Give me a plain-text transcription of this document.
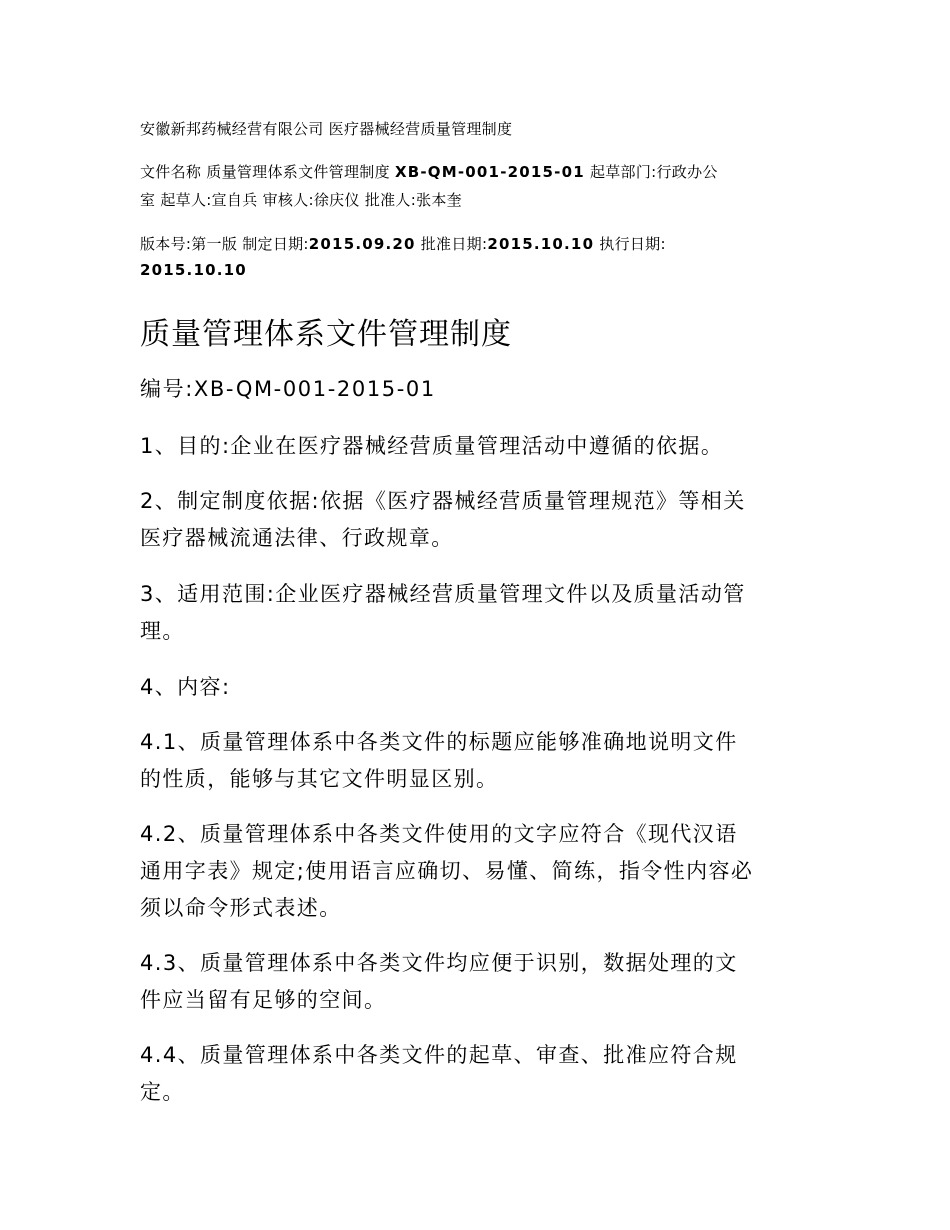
安徽新邦药械经营有限公司 医疗器械经营质量管理制度
文件名称 质量管理体系文件管理制度 XB-QM-001-2015-01 起草部门:行政办公
室 起草人:宣自兵 审核人:徐庆仪 批准人:张本奎
版本号:第一版 制定日期:2015.09.20 批准日期:2015.10.10 执行日期:
2015.10.10
质量管理体系文件管理制度
编号:XB-QM-001-2015-01
1、目的:企业在医疗器械经营质量管理活动中遵循的依据。
2、制定制度依据:依据《医疗器械经营质量管理规范》等相关
医疗器械流通法律、行政规章。
3、适用范围:企业医疗器械经营质量管理文件以及质量活动管
理。
4、内容:
4.1、质量管理体系中各类文件的标题应能够准确地说明文件
的性质，能够与其它文件明显区别。
4.2、质量管理体系中各类文件使用的文字应符合《现代汉语
通用字表》规定;使用语言应确切、易懂、简练，指令性内容必
须以命令形式表述。
4.3、质量管理体系中各类文件均应便于识别，数据处理的文
件应当留有足够的空间。
4.4、质量管理体系中各类文件的起草、审查、批准应符合规
定。
